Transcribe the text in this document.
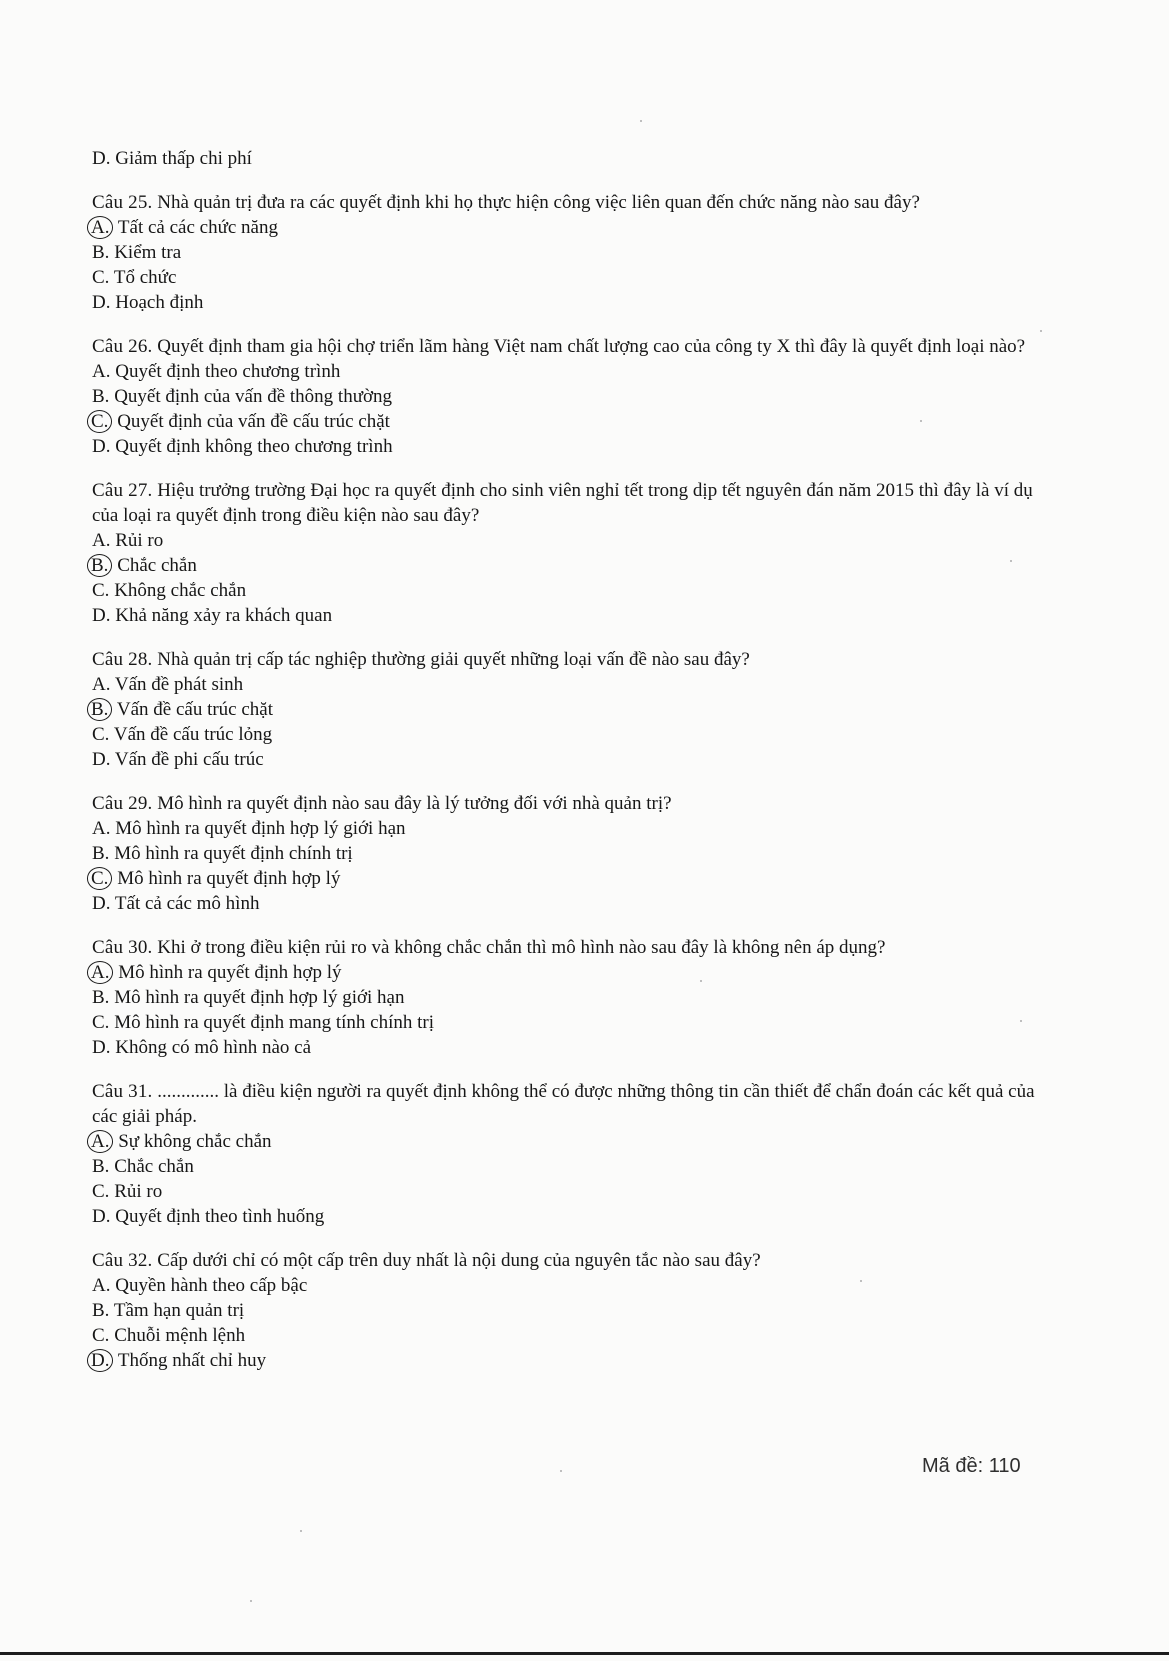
D. Giảm thấp chi phí

Câu 25. Nhà quản trị đưa ra các quyết định khi họ thực hiện công việc liên quan đến chức năng nào sau đây?

A. Tất cả các chức năng

B. Kiểm tra

C. Tổ chức

D. Hoạch định

Câu 26. Quyết định tham gia hội chợ triển lãm hàng Việt nam chất lượng cao của công ty X thì đây là quyết định loại nào?

A. Quyết định theo chương trình

B. Quyết định của vấn đề thông thường

C. Quyết định của vấn đề cấu trúc chặt

D. Quyết định không theo chương trình

Câu 27. Hiệu trưởng trường Đại học ra quyết định cho sinh viên nghỉ tết trong dịp tết nguyên đán năm 2015 thì đây là ví dụ của loại ra quyết định trong điều kiện nào sau đây?

A. Rủi ro

B. Chắc chắn

C. Không chắc chắn

D. Khả năng xảy ra khách quan

Câu 28. Nhà quản trị cấp tác nghiệp thường giải quyết những loại vấn đề nào sau đây?

A. Vấn đề phát sinh

B. Vấn đề cấu trúc chặt

C. Vấn đề cấu trúc lỏng

D. Vấn đề phi cấu trúc

Câu 29. Mô hình ra quyết định nào sau đây là lý tưởng đối với nhà quản trị?

A. Mô hình ra quyết định hợp lý giới hạn

B. Mô hình ra quyết định chính trị

C. Mô hình ra quyết định hợp lý

D. Tất cả các mô hình

Câu 30. Khi ở trong điều kiện rủi ro và không chắc chắn thì mô hình nào sau đây là không nên áp dụng?

A. Mô hình ra quyết định hợp lý

B. Mô hình ra quyết định hợp lý giới hạn

C. Mô hình ra quyết định mang tính chính trị

D. Không có mô hình nào cả

Câu 31. ............. là điều kiện người ra quyết định không thể có được những thông tin cần thiết để chẩn đoán các kết quả của các giải pháp.

A. Sự không chắc chắn

B. Chắc chắn

C. Rủi ro

D. Quyết định theo tình huống

Câu 32. Cấp dưới chỉ có một cấp trên duy nhất là nội dung của nguyên tắc nào sau đây?

A. Quyền hành theo cấp bậc

B. Tầm hạn quản trị

C. Chuỗi mệnh lệnh

D. Thống nhất chỉ huy

Mã đề: 110
